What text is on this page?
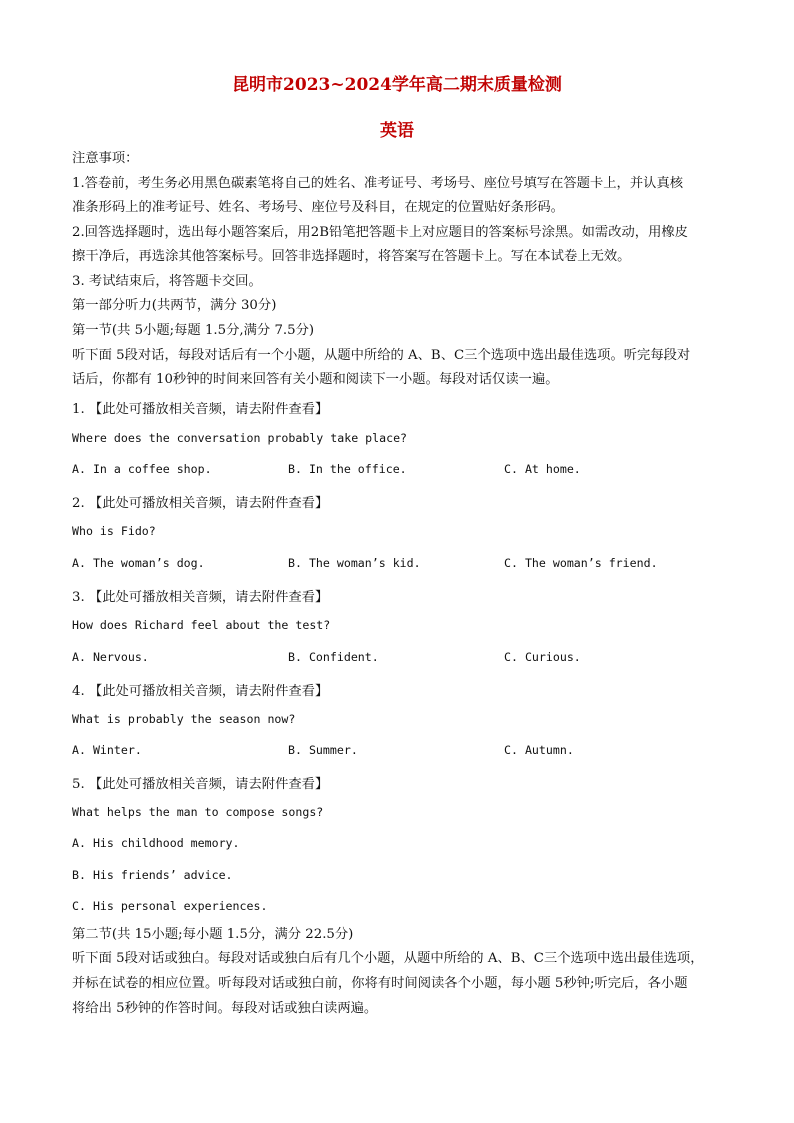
昆明市2023~2024学年高二期末质量检测
英语
注意事项：
1.答卷前，考生务必用黑色碳素笔将自己的姓名、准考证号、考场号、座位号填写在答题卡上，并认真核
准条形码上的准考证号、姓名、考场号、座位号及科目，在规定的位置贴好条形码。
2.回答选择题时，选出每小题答案后，用2B铅笔把答题卡上对应题目的答案标号涂黑。如需改动，用橡皮
擦干净后，再选涂其他答案标号。回答非选择题时，将答案写在答题卡上。写在本试卷上无效。
3. 考试结束后，将答题卡交回。
第一部分听力(共两节，满分 30分)
第一节(共 5小题;每题 1.5分,满分 7.5分)
听下面 5段对话，每段对话后有一个小题，从题中所给的 A、B、C三个选项中选出最佳选项。听完每段对
话后，你都有 10秒钟的时间来回答有关小题和阅读下一小题。每段对话仅读一遍。
1. 【此处可播放相关音频，请去附件查看】
Where does the conversation probably take place?
A. In a coffee shop.	B. In the office.	C. At home.
2. 【此处可播放相关音频，请去附件查看】
Who is Fido?
A. The woman’s dog.	B. The woman’s kid.	C. The woman’s friend.
3. 【此处可播放相关音频，请去附件查看】
How does Richard feel about the test?
A. Nervous.	B. Confident.	C. Curious.
4. 【此处可播放相关音频，请去附件查看】
What is probably the season now?
A. Winter.	B. Summer.	C. Autumn.
5. 【此处可播放相关音频，请去附件查看】
What helps the man to compose songs?
A. His childhood memory.
B. His friends’ advice.
C. His personal experiences.
第二节(共 15小题;每小题 1.5分，满分 22.5分)
听下面 5段对话或独白。每段对话或独白后有几个小题，从题中所给的 A、B、C三个选项中选出最佳选项，
并标在试卷的相应位置。听每段对话或独白前，你将有时间阅读各个小题，每小题 5秒钟;听完后，各小题
将给出 5秒钟的作答时间。每段对话或独白读两遍。
